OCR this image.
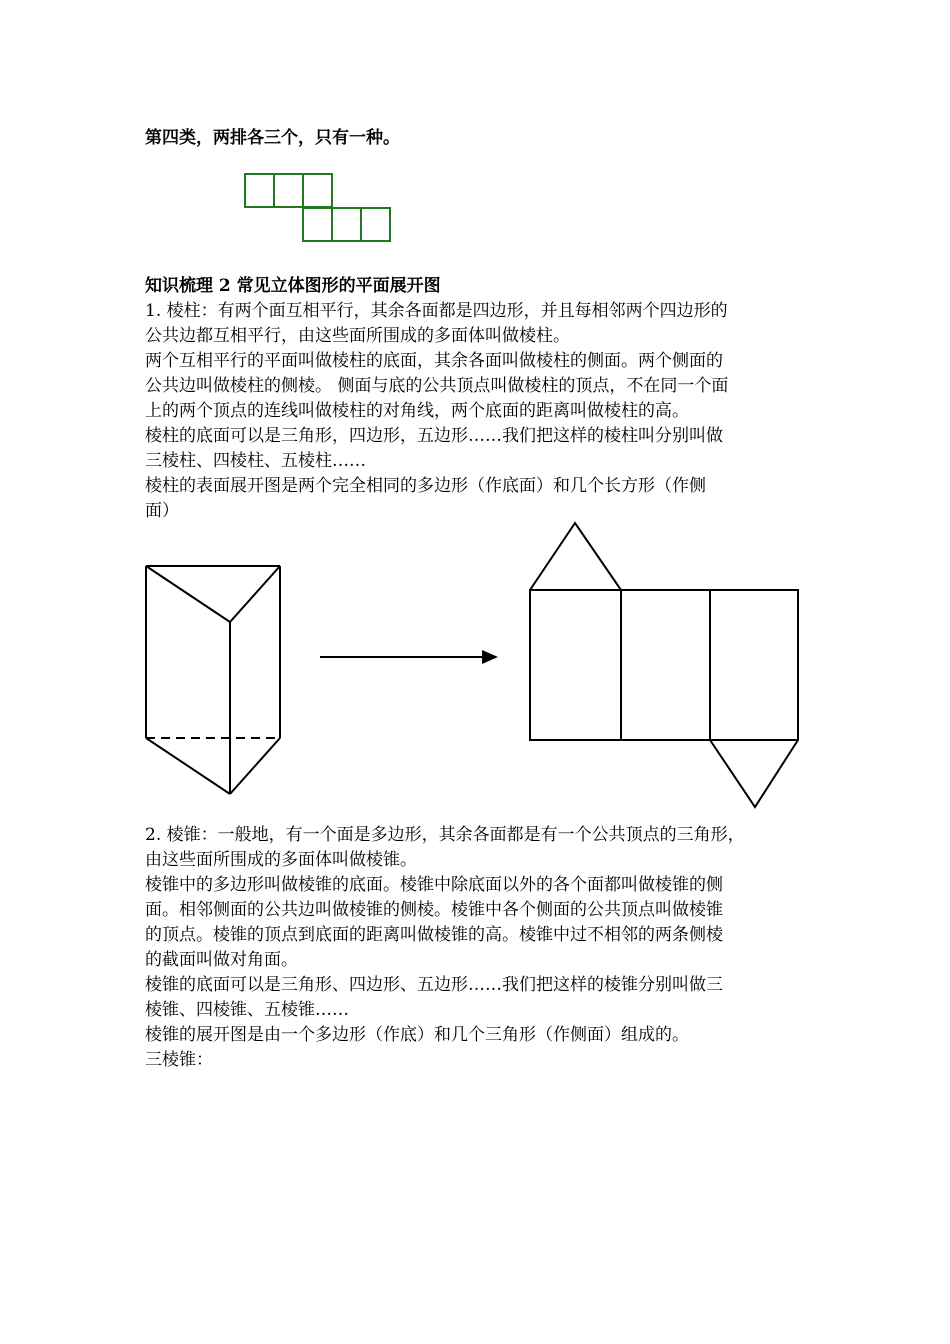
第四类，两排各三个，只有一种。
知识梳理 2 常见立体图形的平面展开图
1. 棱柱：有两个面互相平行，其余各面都是四边形，并且每相邻两个四边形的
公共边都互相平行，由这些面所围成的多面体叫做棱柱。
两个互相平行的平面叫做棱柱的底面，其余各面叫做棱柱的侧面。两个侧面的
公共边叫做棱柱的侧棱。 侧面与底的公共顶点叫做棱柱的顶点，不在同一个面
上的两个顶点的连线叫做棱柱的对角线，两个底面的距离叫做棱柱的高。
棱柱的底面可以是三角形，四边形，五边形……我们把这样的棱柱叫分别叫做
三棱柱、四棱柱、五棱柱……
棱柱的表面展开图是两个完全相同的多边形（作底面）和几个长方形（作侧
面）
2. 棱锥：一般地，有一个面是多边形，其余各面都是有一个公共顶点的三角形，
由这些面所围成的多面体叫做棱锥。
棱锥中的多边形叫做棱锥的底面。棱锥中除底面以外的各个面都叫做棱锥的侧
面。相邻侧面的公共边叫做棱锥的侧棱。棱锥中各个侧面的公共顶点叫做棱锥
的顶点。棱锥的顶点到底面的距离叫做棱锥的高。棱锥中过不相邻的两条侧棱
的截面叫做对角面。
棱锥的底面可以是三角形、四边形、五边形……我们把这样的棱锥分别叫做三
棱锥、四棱锥、五棱锥……
棱锥的展开图是由一个多边形（作底）和几个三角形（作侧面）组成的。
三棱锥：
